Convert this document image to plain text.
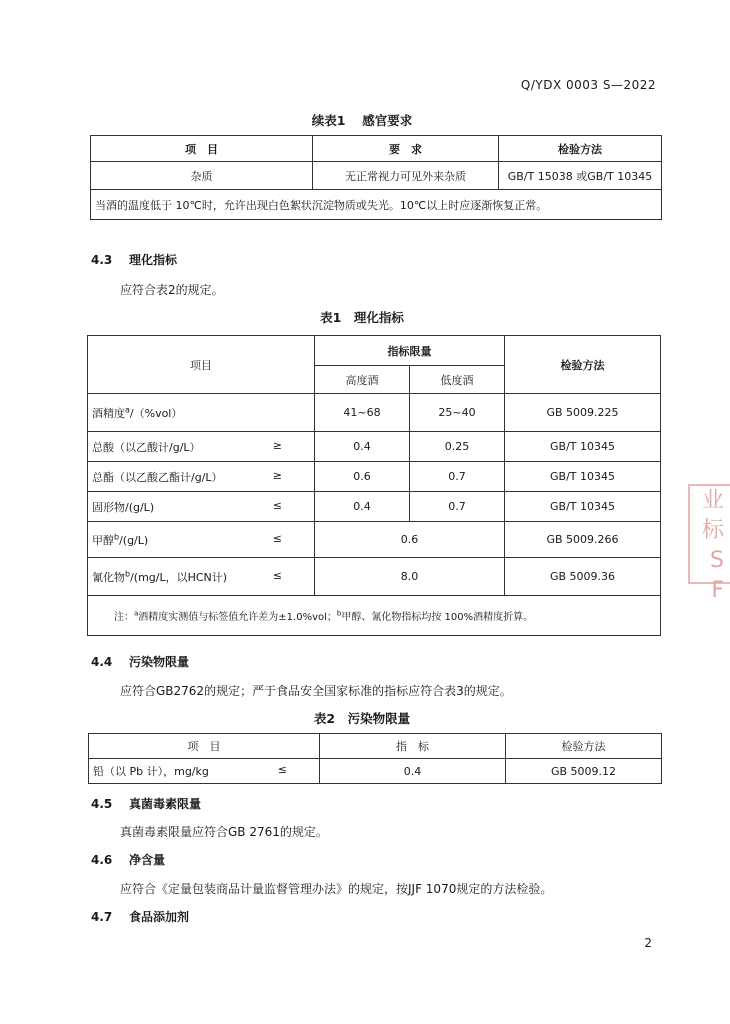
Q/YDX 0003 S—2022
续表1　 感官要求
项　目	要　求	检验方法
杂质	无正常视力可见外来杂质	GB/T 15038 或GB/T 10345
当酒的温度低于 10℃时，允许出现白色絮状沉淀物质或失光。10℃以上时应逐渐恢复正常。		
4.3 理化指标
应符合表2的规定。
表1　理化指标
项目	指标限量		检验方法
	高度酒	低度酒	
酒精度$^a$/（%vol）	41~68	25~40	GB 5009.225
总酸（以乙酸计/g/L） ≥	0.4	0.25	GB/T 10345
总酯（以乙酸乙酯计/g/L） ≥	0.6	0.7	GB/T 10345
固形物/(g/L) ≤	0.4	0.7	GB/T 10345
甲醇$^b$/(g/L) ≤	0.6		GB 5009.266
氰化物$^b$/(mg/L，以HCN计) ≤	8.0		GB 5009.36
注：$^a$酒精度实测值与标签值允许差为±1.0%vol；$^b$甲醇、氰化物指标均按 100%酒精度折算。			
4.4 污染物限量
应符合GB2762的规定；严于食品安全国家标准的指标应符合表3的规定。
表2　污染物限量
项　目	指　标	检验方法
铅（以 Pb 计），mg/kg ≤	0.4	GB 5009.12
4.5 真菌毒素限量
真菌毒素限量应符合GB 2761的规定。
4.6 净含量
应符合《定量包装商品计量监督管理办法》的规定，按JJF 1070规定的方法检验。
4.7 食品添加剂
业标
S
F
2
